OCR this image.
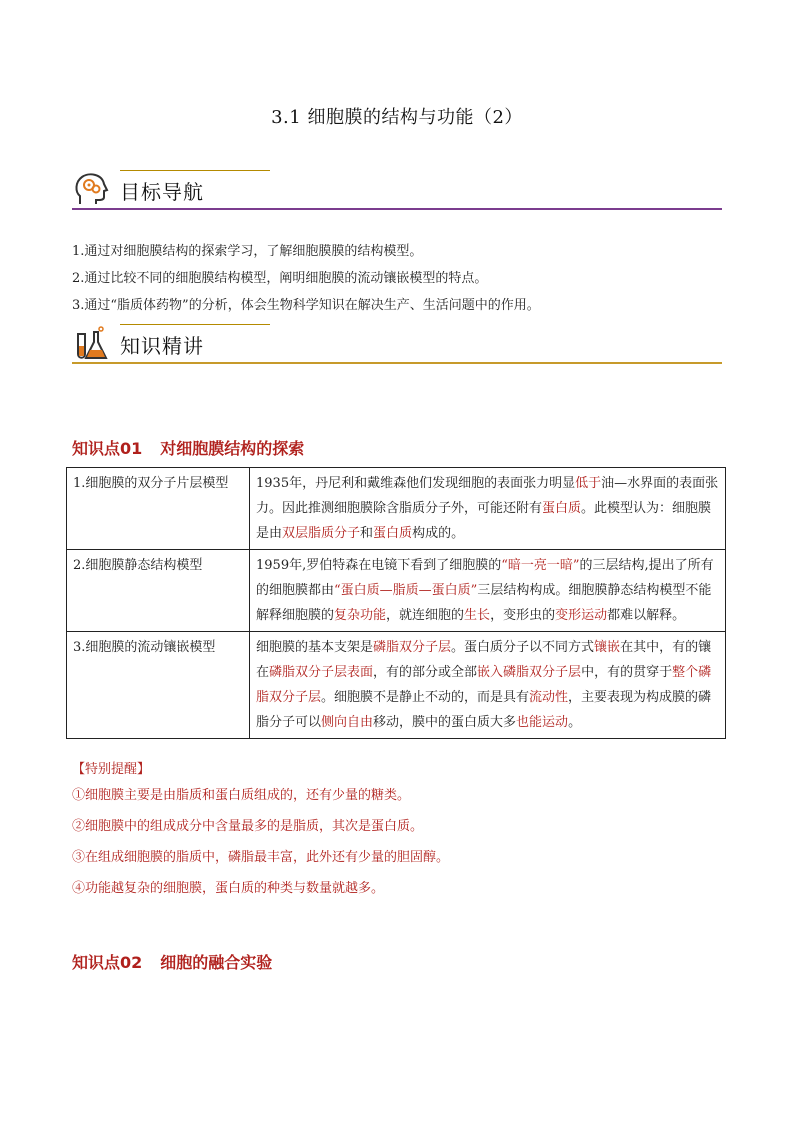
3.1 细胞膜的结构与功能（2）
目标导航

1.通过对细胞膜结构的探索学习，了解细胞膜膜的结构模型。

2.通过比较不同的细胞膜结构模型，阐明细胞膜的流动镶嵌模型的特点。

3.通过“脂质体药物”的分析，体会生物科学知识在解决生产、生活问题中的作用。

知识精讲
知识点01 对细胞膜结构的探索
1.细胞膜的双分子片层模型	1935年，丹尼利和戴维森他们发现细胞的表面张力明显低于油—水界面的表面张力。因此推测细胞膜除含脂质分子外，可能还附有蛋白质。此模型认为：细胞膜是由双层脂质分子和蛋白质构成的。
2.细胞膜静态结构模型	1959年,罗伯特森在电镜下看到了细胞膜的“暗一亮一暗”的三层结构,提出了所有的细胞膜都由“蛋白质—脂质—蛋白质”三层结构构成。细胞膜静态结构模型不能解释细胞膜的复杂功能，就连细胞的生长，变形虫的变形运动都难以解释。
3.细胞膜的流动镶嵌模型	细胞膜的基本支架是磷脂双分子层。蛋白质分子以不同方式镶嵌在其中，有的镶在磷脂双分子层表面，有的部分或全部嵌入磷脂双分子层中，有的贯穿于整个磷脂双分子层。细胞膜不是静止不动的，而是具有流动性，主要表现为构成膜的磷脂分子可以侧向自由移动，膜中的蛋白质大多也能运动。

【特别提醒】

①细胞膜主要是由脂质和蛋白质组成的，还有少量的糖类。

②细胞膜中的组成成分中含量最多的是脂质，其次是蛋白质。

③在组成细胞膜的脂质中，磷脂最丰富，此外还有少量的胆固醇。

④功能越复杂的细胞膜，蛋白质的种类与数量就越多。

知识点02 细胞的融合实验
